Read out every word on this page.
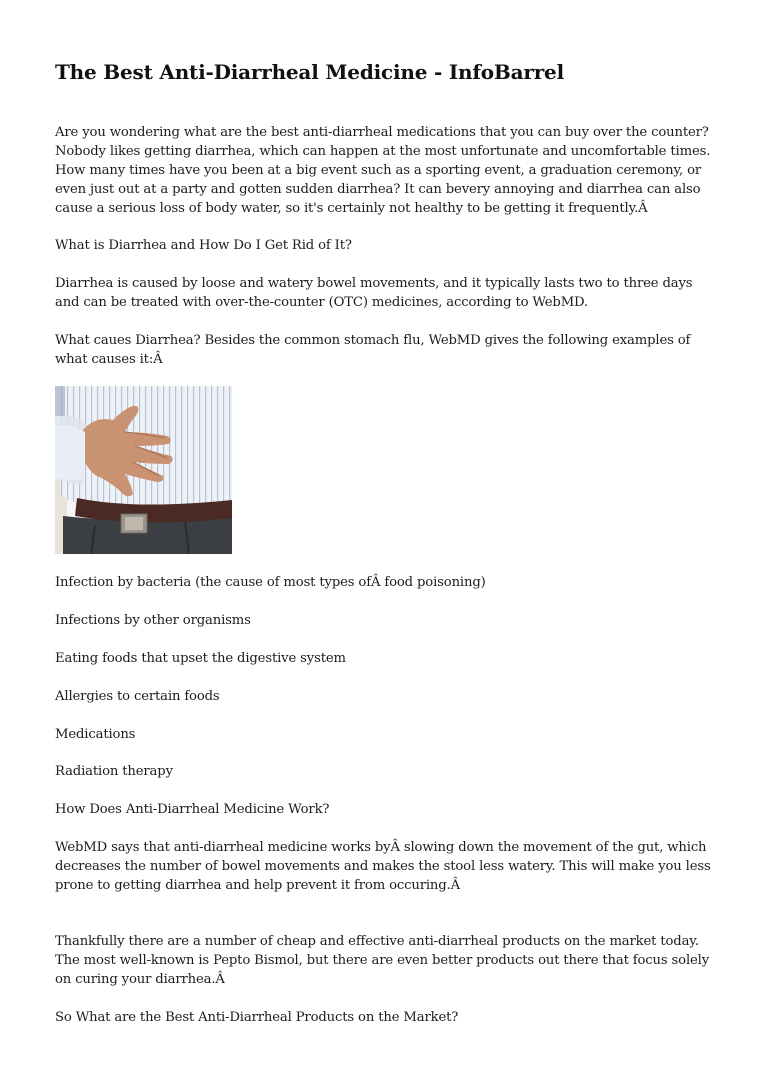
The Best Anti-Diarrheal Medicine - InfoBarrel

Are you wondering what are the best anti-diarrheal medications that you can buy over the counter?
Nobody likes getting diarrhea, which can happen at the most unfortunate and uncomfortable times.
How many times have you been at a big event such as a sporting event, a graduation ceremony, or
even just out at a party and gotten sudden diarrhea? It can bevery annoying and diarrhea can also
cause a serious loss of body water, so it's certainly not healthy to be getting it frequently.Â

What is Diarrhea and How Do I Get Rid of It?

Diarrhea is caused by loose and watery bowel movements, and it typically lasts two to three days
and can be treated with over-the-counter (OTC) medicines, according to WebMD.

What caues Diarrhea? Besides the common stomach flu, WebMD gives the following examples of
what causes it:Â

Infection by bacteria (the cause of most types ofÂ food poisoning)

Infections by other organisms

Eating foods that upset the digestive system

Allergies to certain foods

Medications

Radiation therapy

How Does Anti-Diarrheal Medicine Work?

WebMD says that anti-diarrheal medicine works byÂ slowing down the movement of the gut, which
decreases the number of bowel movements and makes the stool less watery. This will make you less
prone to getting diarrhea and help prevent it from occuring.Â

Thankfully there are a number of cheap and effective anti-diarrheal products on the market today.
The most well-known is Pepto Bismol, but there are even better products out there that focus solely
on curing your diarrhea.Â

So What are the Best Anti-Diarrheal Products on the Market?
